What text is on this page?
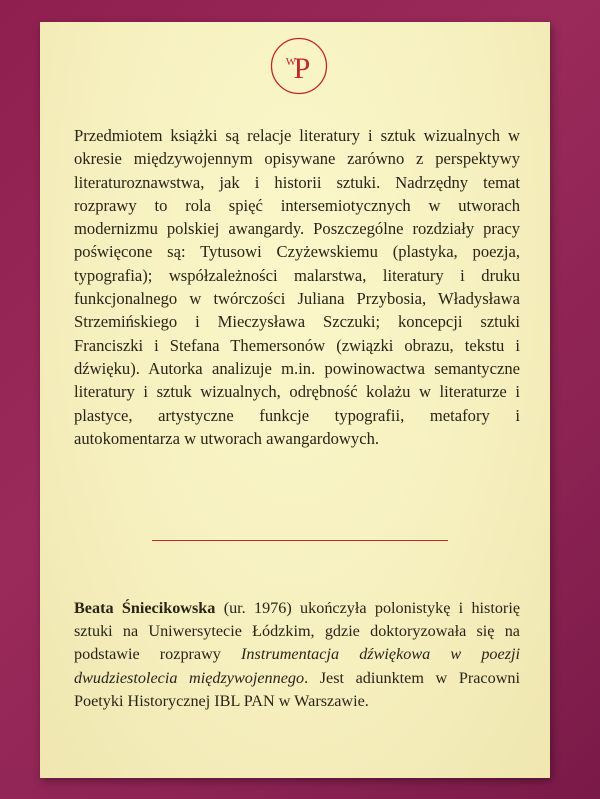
W
P

Przedmiotem książki są relacje literatury i sztuk wizualnych w okresie międzywojennym opisywane zarówno z perspektywy literaturoznawstwa, jak i historii sztuki. Nadrzędny temat rozprawy to rola spięć intersemiotycznych w utworach modernizmu polskiej awangardy. Poszczególne rozdziały pracy poświęcone są: Tytusowi Czyżewskiemu (plastyka, poezja, typografia); współzależności malarstwa, literatury i druku funkcjonalnego w twórczości Juliana Przybosia, Władysława Strzemińskiego i Mieczysława Szczuki; koncepcji sztuki Franciszki i Stefana Themersonów (związki obrazu, tekstu i dźwięku). Autorka analizuje m.in. powinowactwa semantyczne literatury i sztuk wizualnych, odrębność kolażu w literaturze i plastyce, artystyczne funkcje typografii, metafory i autokomentarza w utworach awangardowych.

Beata Śniecikowska (ur. 1976) ukończyła polonistykę i historię sztuki na Uniwersytecie Łódzkim, gdzie doktoryzowała się na podstawie rozprawy Instrumentacja dźwiękowa w poezji dwudziestolecia międzywojennego. Jest adiunktem w Pracowni Poetyki Historycznej IBL PAN w Warszawie.
